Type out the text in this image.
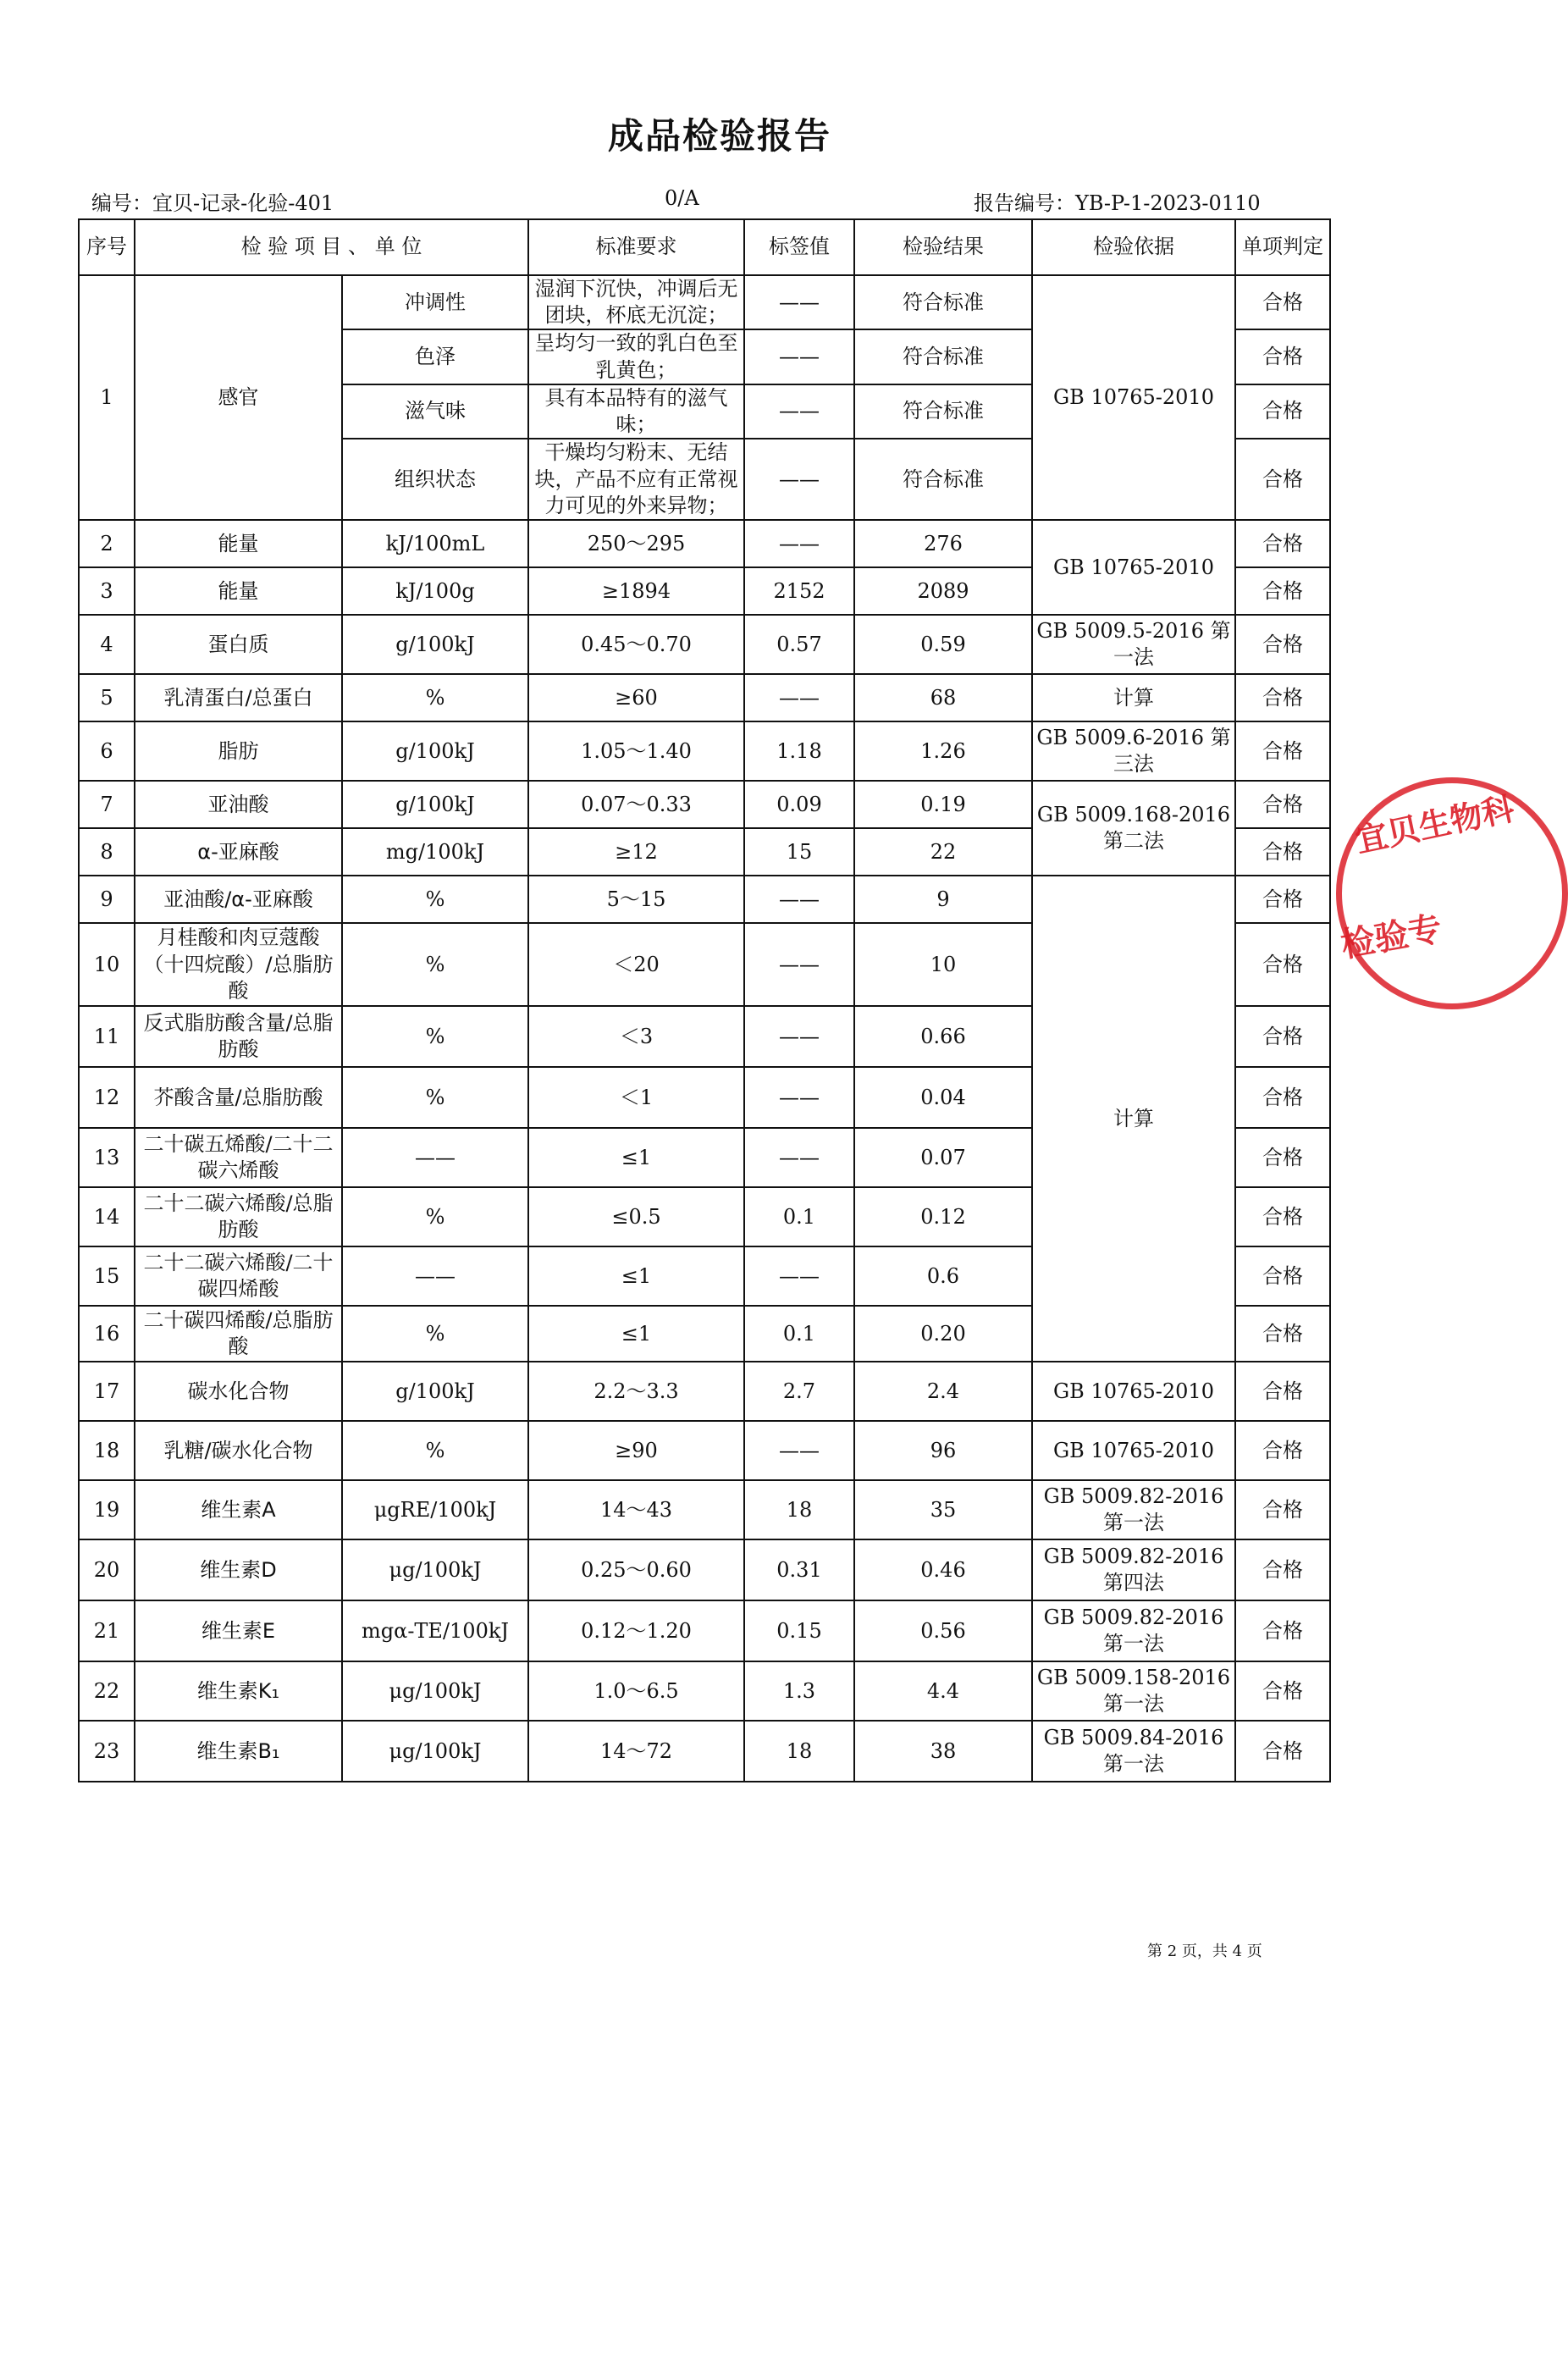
成品检验报告
编号：宜贝-记录-化验-401	0/A	报告编号：YB-P-1-2023-0110
序号	检 验 项 目 、 单 位		标准要求	标签值	检验结果	检验依据	单项判定
1	感官	冲调性	湿润下沉快，冲调后无团块，杯底无沉淀；	——	符合标准	GB 10765-2010	合格
		色泽	呈均匀一致的乳白色至乳黄色；	——	符合标准		合格
		滋气味	具有本品特有的滋气味；	——	符合标准		合格
		组织状态	干燥均匀粉末、无结块，产品不应有正常视力可见的外来异物；	——	符合标准		合格
2	能量	kJ/100mL	250～295	——	276	GB 10765-2010	合格
3	能量	kJ/100g	≥1894	2152	2089		合格
4	蛋白质	g/100kJ	0.45～0.70	0.57	0.59	GB 5009.5-2016 第一法	合格
5	乳清蛋白/总蛋白	%	≥60	——	68	计算	合格
6	脂肪	g/100kJ	1.05～1.40	1.18	1.26	GB 5009.6-2016 第三法	合格
7	亚油酸	g/100kJ	0.07～0.33	0.09	0.19	GB 5009.168-2016 第二法	合格
8	α-亚麻酸	mg/100kJ	≥12	15	22		合格
9	亚油酸/α-亚麻酸	%	5～15	——	9	计算	合格
10	月桂酸和肉豆蔻酸（十四烷酸）/总脂肪酸	%	＜20	——	10		合格
11	反式脂肪酸含量/总脂肪酸	%	＜3	——	0.66		合格
12	芥酸含量/总脂肪酸	%	＜1	——	0.04		合格
13	二十碳五烯酸/二十二碳六烯酸	——	≤1	——	0.07		合格
14	二十二碳六烯酸/总脂肪酸	%	≤0.5	0.1	0.12		合格
15	二十二碳六烯酸/二十碳四烯酸	——	≤1	——	0.6		合格
16	二十碳四烯酸/总脂肪酸	%	≤1	0.1	0.20		合格
17	碳水化合物	g/100kJ	2.2～3.3	2.7	2.4	GB 10765-2010	合格
18	乳糖/碳水化合物	%	≥90	——	96	GB 10765-2010	合格
19	维生素A	μgRE/100kJ	14～43	18	35	GB 5009.82-2016 第一法	合格
20	维生素D	μg/100kJ	0.25～0.60	0.31	0.46	GB 5009.82-2016 第四法	合格
21	维生素E	mgα-TE/100kJ	0.12～1.20	0.15	0.56	GB 5009.82-2016 第一法	合格
22	维生素K₁	μg/100kJ	1.0～6.5	1.3	4.4	GB 5009.158-2016 第一法	合格
23	维生素B₁	μg/100kJ	14～72	18	38	GB 5009.84-2016 第一法	合格
宜贝生物科
检验专
第 2 页，共 4 页
